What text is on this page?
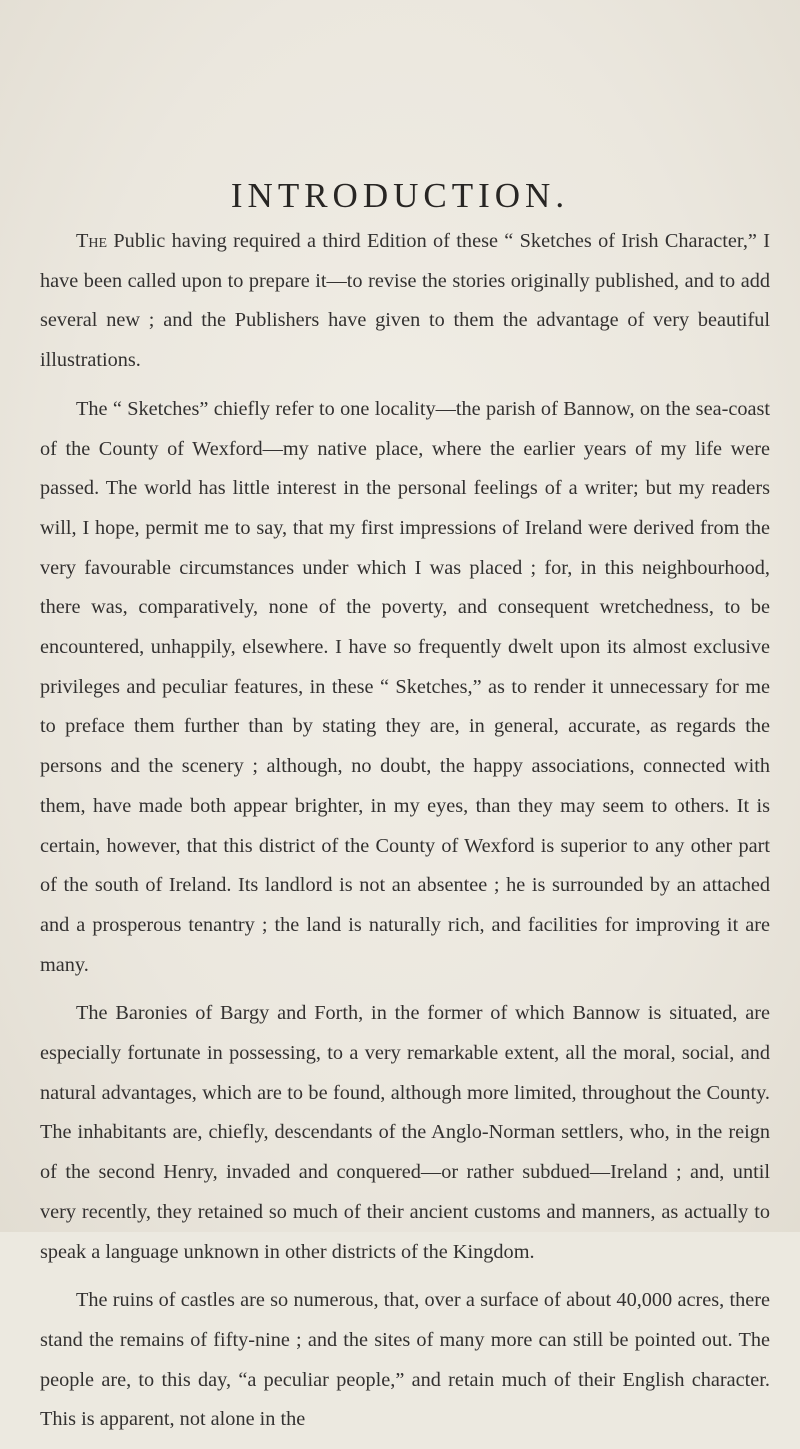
INTRODUCTION.

The Public having required a third Edition of these “ Sketches of Irish Character,” I have been called upon to prepare it—to revise the stories originally published, and to add several new ; and the Publishers have given to them the advantage of very beautiful illustrations.

The “ Sketches” chiefly refer to one locality—the parish of Bannow, on the sea-coast of the County of Wexford—my native place, where the earlier years of my life were passed. The world has little interest in the personal feelings of a writer; but my readers will, I hope, permit me to say, that my first impressions of Ireland were derived from the very favourable circumstances under which I was placed ; for, in this neighbourhood, there was, comparatively, none of the poverty, and consequent wretchedness, to be encountered, unhappily, elsewhere. I have so frequently dwelt upon its almost exclusive privileges and peculiar features, in these “ Sketches,” as to render it unnecessary for me to preface them further than by stating they are, in general, accurate, as regards the persons and the scenery ; although, no doubt, the happy associations, connected with them, have made both appear brighter, in my eyes, than they may seem to others. It is certain, however, that this district of the County of Wexford is superior to any other part of the south of Ireland. Its landlord is not an absentee ; he is surrounded by an attached and a prosperous tenantry ; the land is naturally rich, and facilities for improving it are many.

The Baronies of Bargy and Forth, in the former of which Bannow is situated, are especially fortunate in possessing, to a very remarkable extent, all the moral, social, and natural advantages, which are to be found, although more limited, throughout the County. The inhabitants are, chiefly, descendants of the Anglo-Norman settlers, who, in the reign of the second Henry, invaded and conquered—or rather subdued—Ireland ; and, until very recently, they retained so much of their ancient customs and manners, as actually to speak a language unknown in other districts of the Kingdom.

The ruins of castles are so numerous, that, over a surface of about 40,000 acres, there stand the remains of fifty-nine ; and the sites of many more can still be pointed out. The people are, to this day, “a peculiar people,” and retain much of their English character. This is apparent, not alone in the
